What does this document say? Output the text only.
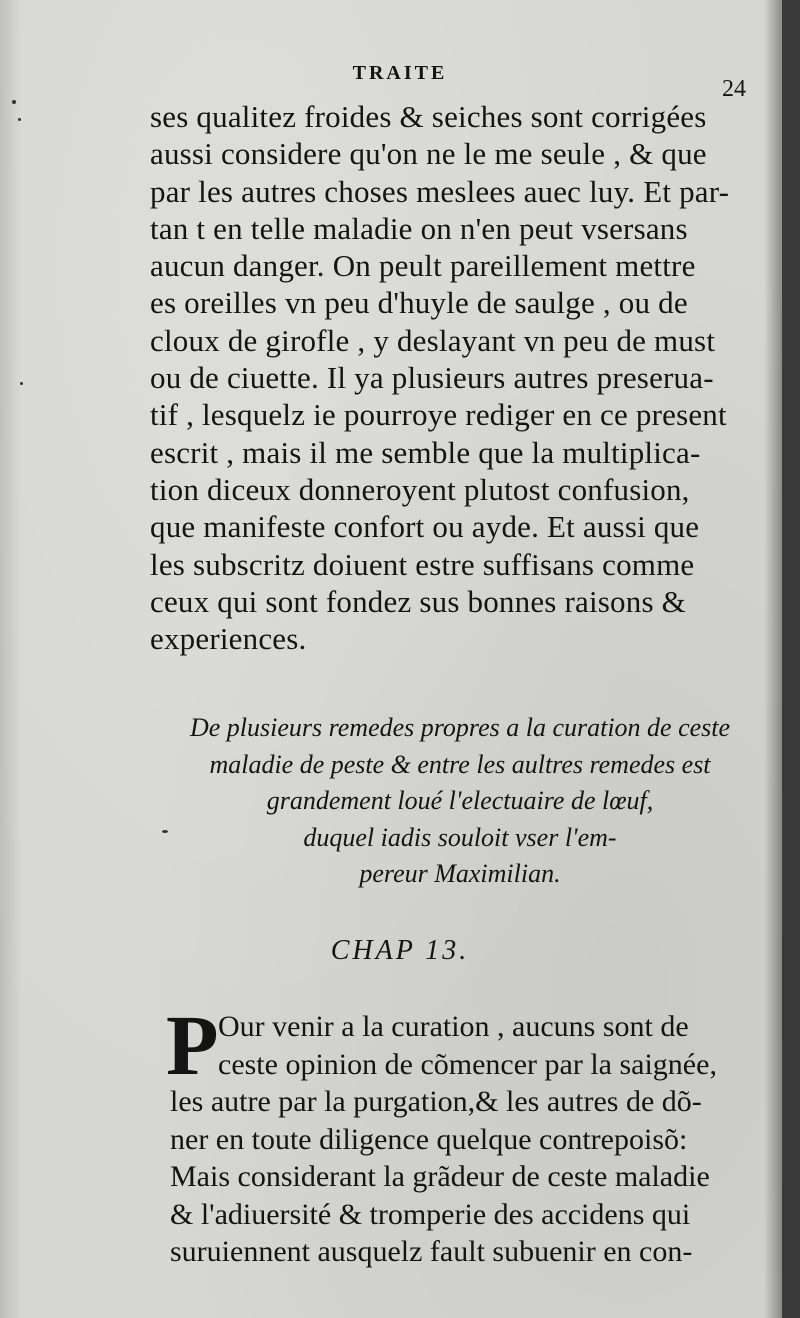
TRAITE
24
ses qualitez froides & seiches sont corrigées
aussi considere qu'on ne le me seule , & que
par les autres choses meslees auec luy. Et par-
tan t en telle maladie on n'en peut vsersans
aucun danger. On peult pareillement mettre
es oreilles vn peu d'huyle de saulge , ou de
cloux de girofle , y deslayant vn peu de must
ou de ciuette. Il ya plusieurs autres preserua-
tif , lesquelz ie pourroye rediger en ce present
escrit , mais il me semble que la multiplica-
tion diceux donneroyent plutost confusion,
que manifeste confort ou ayde. Et aussi que
les subscritz doiuent estre suffisans comme
ceux qui sont fondez sus bonnes raisons &
experiences.
De plusieurs remedes propres a la curation de ceste
maladie de peste & entre les aultres remedes est
grandement loué l'electuaire de lœuf,
duquel iadis souloit vser l'em-
pereur Maximilian.
CHAP 13.
P Our venir a la curation , aucuns sont de
ceste opinion de cõmencer par la saignée,
les autre par la purgation,& les autres de dõ-
ner en toute diligence quelque contrepoisõ:
Mais considerant la grãdeur de ceste maladie
& l'adiuersité & tromperie des accidens qui
suruiennent ausquelz fault subuenir en con-
